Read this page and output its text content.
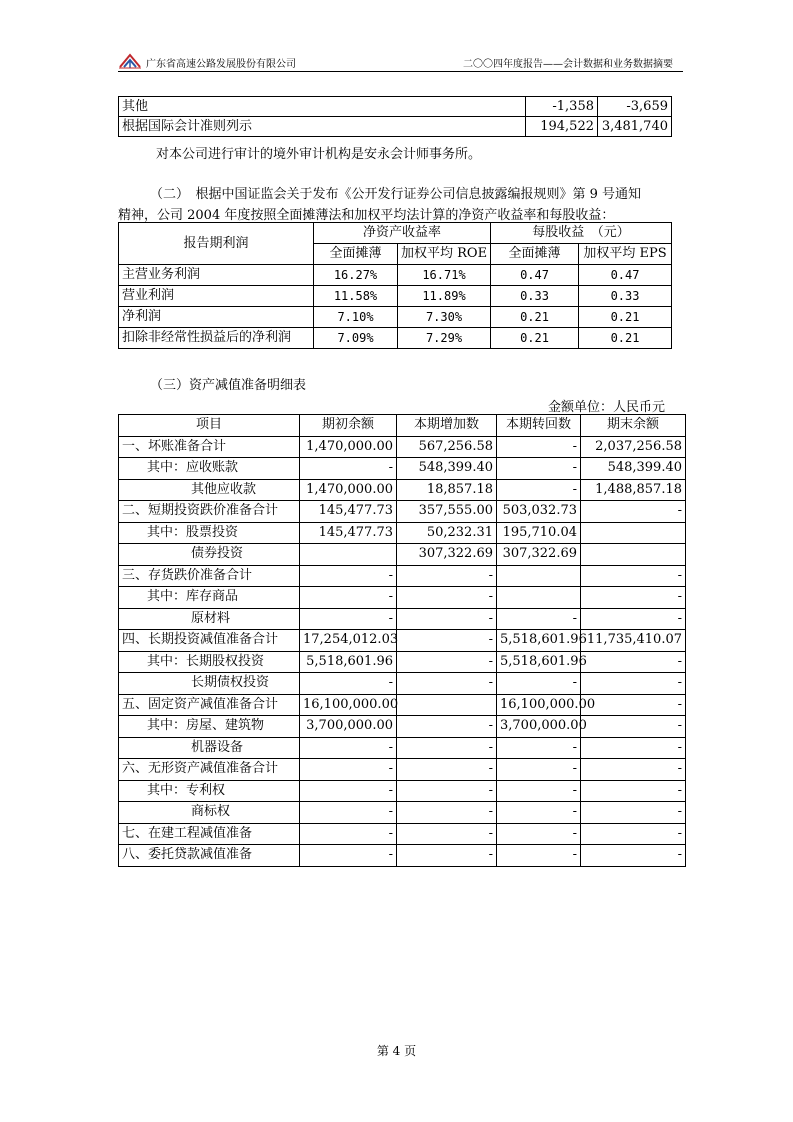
广东省高速公路发展股份有限公司	二〇〇四年度报告——会计数据和业务数据摘要
其他	-1,358	-3,659
根据国际会计准则列示	194,522	3,481,740
对本公司进行审计的境外审计机构是安永会计师事务所。
（二）　根据中国证监会关于发布《公开发行证券公司信息披露编报规则》第 9 号通知
精神，公司 2004 年度按照全面摊薄法和加权平均法计算的净资产收益率和每股收益：
报告期利润	净资产收益率		每股收益　（元）	
	全面摊薄	加权平均 ROE	全面摊薄	加权平均 EPS
主营业务利润	16.27%	16.71%	0.47	0.47
营业利润	11.58%	11.89%	0.33	0.33
净利润	7.10%	7.30%	0.21	0.21
扣除非经常性损益后的净利润	7.09%	7.29%	0.21	0.21
（三）资产减值准备明细表
金额单位：人民币元
项目	期初余额	本期增加数	本期转回数	期末余额
一、坏账准备合计	1,470,000.00	567,256.58	-	2,037,256.58
其中：应收账款	-	548,399.40	-	548,399.40
其他应收款	1,470,000.00	18,857.18	-	1,488,857.18
二、短期投资跌价准备合计	145,477.73	357,555.00	503,032.73	-
其中：股票投资	145,477.73	50,232.31	195,710.04	
债券投资		307,322.69	307,322.69	
三、存货跌价准备合计	-	-		-
其中：库存商品	-	-		-
原材料	-	-	-	-
四、长期投资减值准备合计	17,254,012.03	-	5,518,601.96	11,735,410.07
其中：长期股权投资	5,518,601.96	-	5,518,601.96	-
长期债权投资	-	-	-	-
五、固定资产减值准备合计	16,100,000.00		16,100,000.00	-
其中：房屋、建筑物	3,700,000.00	-	3,700,000.00	-
机器设备	-	-	-	-
六、无形资产减值准备合计	-	-	-	-
其中：专利权	-	-	-	-
商标权	-	-	-	-
七、在建工程减值准备	-	-	-	-
八、委托贷款减值准备	-	-	-	-
第 4 页
